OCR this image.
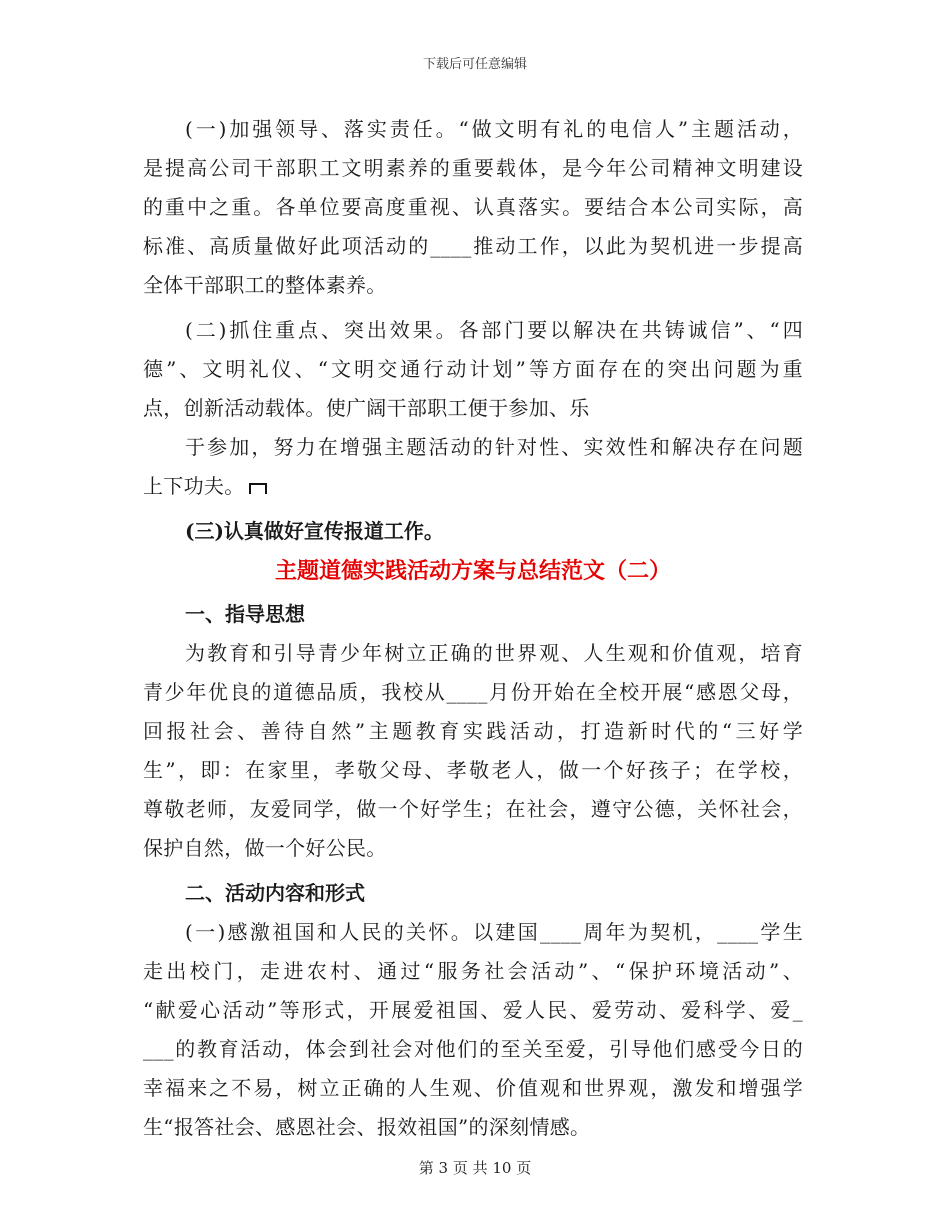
下载后可任意编辑
(一)加强领导、落实责任。“做文明有礼的电信人”主题活动，
是提高公司干部职工文明素养的重要载体，是今年公司精神文明建设
的重中之重。各单位要高度重视、认真落实。要结合本公司实际，高
标准、高质量做好此项活动的____推动工作，以此为契机进一步提高
全体干部职工的整体素养。
(二)抓住重点、突出效果。各部门要以解决在共铸诚信”、“四
德”、文明礼仪、“文明交通行动计划”等方面存在的突出问题为重
点，创新活动载体。使广阔干部职工便于参加、乐
于参加，努力在增强主题活动的针对性、实效性和解决存在问题
上下功夫。
(三)认真做好宣传报道工作。
主题道德实践活动方案与总结范文（二）
一、指导思想
为教育和引导青少年树立正确的世界观、人生观和价值观，培育
青少年优良的道德品质，我校从____月份开始在全校开展“感恩父母，
回报社会、善待自然”主题教育实践活动，打造新时代的“三好学
生”，即：在家里，孝敬父母、孝敬老人，做一个好孩子；在学校，
尊敬老师，友爱同学，做一个好学生；在社会，遵守公德，关怀社会，
保护自然，做一个好公民。
二、活动内容和形式
(一)感激祖国和人民的关怀。以建国____周年为契机，____学生
走出校门，走进农村、通过“服务社会活动”、“保护环境活动”、
“献爱心活动”等形式，开展爱祖国、爱人民、爱劳动、爱科学、爱_
___的教育活动，体会到社会对他们的至关至爱，引导他们感受今日的
幸福来之不易，树立正确的人生观、价值观和世界观，激发和增强学
生“报答社会、感恩社会、报效祖国”的深刻情感。
第 3 页 共 10 页
